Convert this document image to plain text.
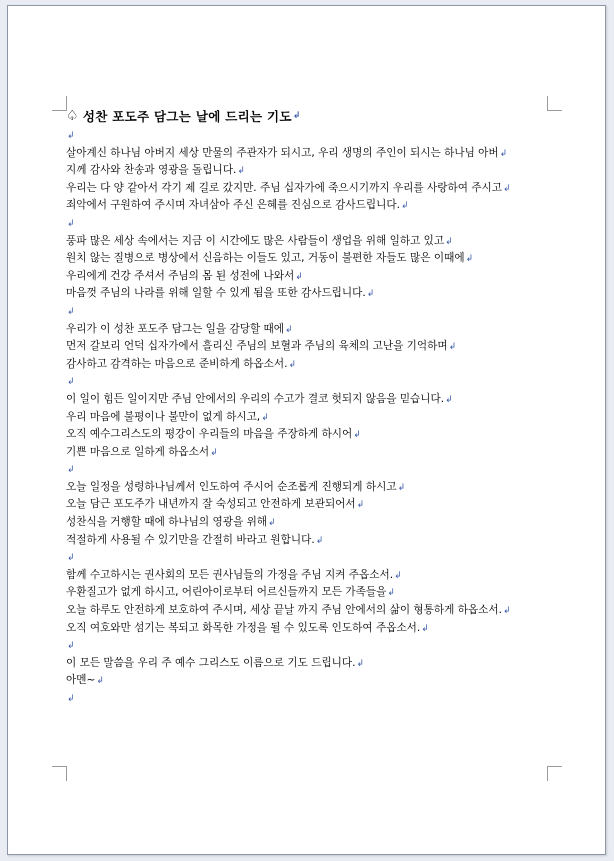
♤ 성찬 포도주 담그는 날에 드리는 기도 ↲
↲
살아계신 하나님 아버지 세상 만물의 주관자가 되시고, 우리 생명의 주인이 되시는 하나님 아버↲
지께 감사와 찬송과 영광을 돌립니다.↲
우리는 다 양 같아서 각기 제 길로 갔지만. 주님 십자가에 죽으시기까지 우리를 사랑하여 주시고↲
죄악에서 구원하여 주시며 자녀삼아 주신 은혜를 진심으로 감사드립니다.↲
↲
풍파 많은 세상 속에서는 지금 이 시간에도 많은 사람들이 생업을 위해 일하고 있고↲
원치 않는 질병으로 병상에서 신음하는 이들도 있고, 거동이 불편한 자들도 많은 이때에↲
우리에게 건강 주셔서 주님의 몸 된 성전에 나와서↲
마음껏 주님의 나라를 위해 일할 수 있게 됨을 또한 감사드립니다.↲
↲
우리가 이 성찬 포도주 담그는 일을 감당할 때에↲
먼저 갈보리 언덕 십자가에서 흘리신 주님의 보혈과 주님의 육체의 고난을 기억하며↲
감사하고 감격하는 마음으로 준비하게 하옵소서.↲
↲
이 일이 힘든 일이지만 주님 안에서의 우리의 수고가 결코 헛되지 않음을 믿습니다.↲
우리 마음에 불평이나 불만이 없게 하시고,↲
오직 예수그리스도의 평강이 우리들의 마음을 주장하게 하시어↲
기쁜 마음으로 일하게 하옵소서↲
↲
오늘 일정을 성령하나님께서 인도하여 주시어 순조롭게 진행되게 하시고↲
오늘 담근 포도주가 내년까지 잘 숙성되고 안전하게 보관되어서↲
성찬식을 거행할 때에 하나님의 영광을 위해↲
적절하게 사용될 수 있기만을 간절히 바라고 원합니다.↲
↲
함께 수고하시는 권사회의 모든 권사님들의 가정을 주님 지켜 주옵소서.↲
우환질고가 없게 하시고, 어린아이로부터 어르신들까지 모든 가족들을↲
오늘 하루도 안전하게 보호하여 주시며, 세상 끝날 까지 주님 안에서의 삶이 형통하게 하옵소서.↲
오직 여호와만 섬기는 복되고 화목한 가정을 될 수 있도록 인도하여 주옵소서.↲
↲
이 모든 말씀을 우리 주 예수 그리스도 이름으로 기도 드립니다.↲
아멘~↲
↲
